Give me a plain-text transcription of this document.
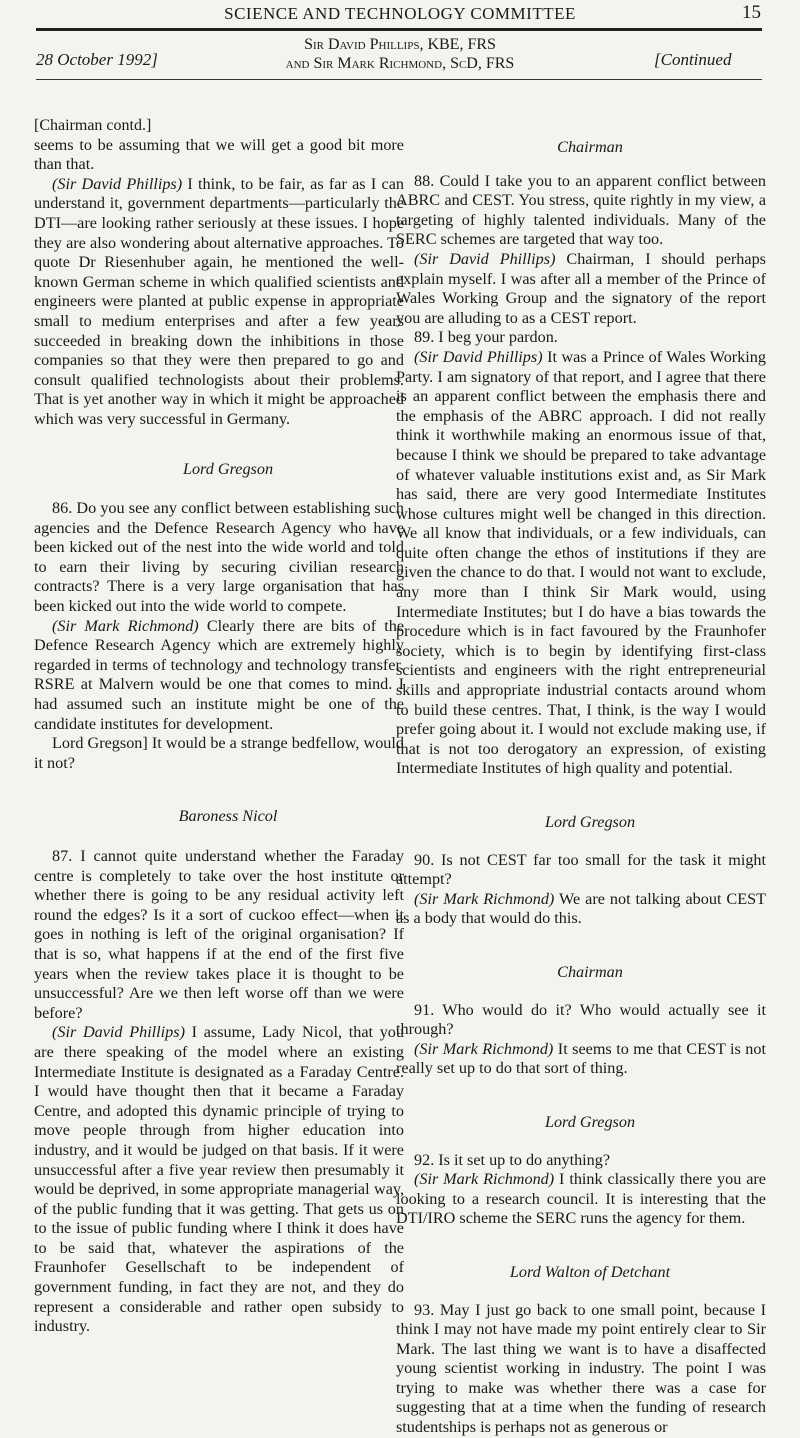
SCIENCE AND TECHNOLOGY COMMITTEE	15
28 October 1992]
Sir David Phillips, KBE, FRS
and Sir Mark Richmond, ScD, FRS	[Continued

[Chairman contd.]

seems to be assuming that we will get a good bit more than that.

(Sir David Phillips) I think, to be fair, as far as I can understand it, government departments—particularly the DTI—are looking rather seriously at these issues. I hope they are also wondering about alternative approaches. To quote Dr Riesenhuber again, he mentioned the well-known German scheme in which qualified scientists and engineers were planted at public expense in appropriate small to medium enterprises and after a few years succeeded in breaking down the inhibitions in those companies so that they were then prepared to go and consult qualified technologists about their problems. That is yet another way in which it might be approached which was very successful in Germany.

Lord Gregson

86. Do you see any conflict between establishing such agencies and the Defence Research Agency who have been kicked out of the nest into the wide world and told to earn their living by securing civilian research contracts? There is a very large organisation that has been kicked out into the wide world to compete.

(Sir Mark Richmond) Clearly there are bits of the Defence Research Agency which are extremely highly regarded in terms of technology and technology transfer. RSRE at Malvern would be one that comes to mind. I had assumed such an institute might be one of the candidate institutes for development.

Lord Gregson] It would be a strange bedfellow, would it not?

Baroness Nicol

87. I cannot quite understand whether the Faraday centre is completely to take over the host institute or whether there is going to be any residual activity left round the edges? Is it a sort of cuckoo effect—when it goes in nothing is left of the original organisation? If that is so, what happens if at the end of the first five years when the review takes place it is thought to be unsuccessful? Are we then left worse off than we were before?

(Sir David Phillips) I assume, Lady Nicol, that you are there speaking of the model where an existing Intermediate Institute is designated as a Faraday Centre. I would have thought then that it became a Faraday Centre, and adopted this dynamic principle of trying to move people through from higher education into industry, and it would be judged on that basis. If it were unsuccessful after a five year review then presumably it would be deprived, in some appropriate managerial way, of the public funding that it was getting. That gets us on to the issue of public funding where I think it does have to be said that, whatever the aspirations of the Fraunhofer Gesellschaft to be independent of government funding, in fact they are not, and they do represent a considerable and rather open subsidy to industry.

Chairman

88. Could I take you to an apparent conflict between ABRC and CEST. You stress, quite rightly in my view, a targeting of highly talented individuals. Many of the SERC schemes are targeted that way too.

(Sir David Phillips) Chairman, I should perhaps explain myself. I was after all a member of the Prince of Wales Working Group and the signatory of the report you are alluding to as a CEST report.

89. I beg your pardon.

(Sir David Phillips) It was a Prince of Wales Working Party. I am signatory of that report, and I agree that there is an apparent conflict between the emphasis there and the emphasis of the ABRC approach. I did not really think it worthwhile making an enormous issue of that, because I think we should be prepared to take advantage of whatever valuable institutions exist and, as Sir Mark has said, there are very good Intermediate Institutes whose cultures might well be changed in this direction. We all know that individuals, or a few individuals, can quite often change the ethos of institutions if they are given the chance to do that. I would not want to exclude, any more than I think Sir Mark would, using Intermediate Institutes; but I do have a bias towards the procedure which is in fact favoured by the Fraunhofer society, which is to begin by identifying first-class scientists and engineers with the right entrepreneurial skills and appropriate industrial contacts around whom to build these centres. That, I think, is the way I would prefer going about it. I would not exclude making use, if that is not too derogatory an expression, of existing Intermediate Institutes of high quality and potential.

Lord Gregson

90. Is not CEST far too small for the task it might attempt?

(Sir Mark Richmond) We are not talking about CEST as a body that would do this.

Chairman

91. Who would do it? Who would actually see it through?

(Sir Mark Richmond) It seems to me that CEST is not really set up to do that sort of thing.

Lord Gregson

92. Is it set up to do anything?

(Sir Mark Richmond) I think classically there you are looking to a research council. It is interesting that the DTI/IRO scheme the SERC runs the agency for them.

Lord Walton of Detchant

93. May I just go back to one small point, because I think I may not have made my point entirely clear to Sir Mark. The last thing we want is to have a disaffected young scientist working in industry. The point I was trying to make was whether there was a case for suggesting that at a time when the funding of research studentships is perhaps not as generous or
